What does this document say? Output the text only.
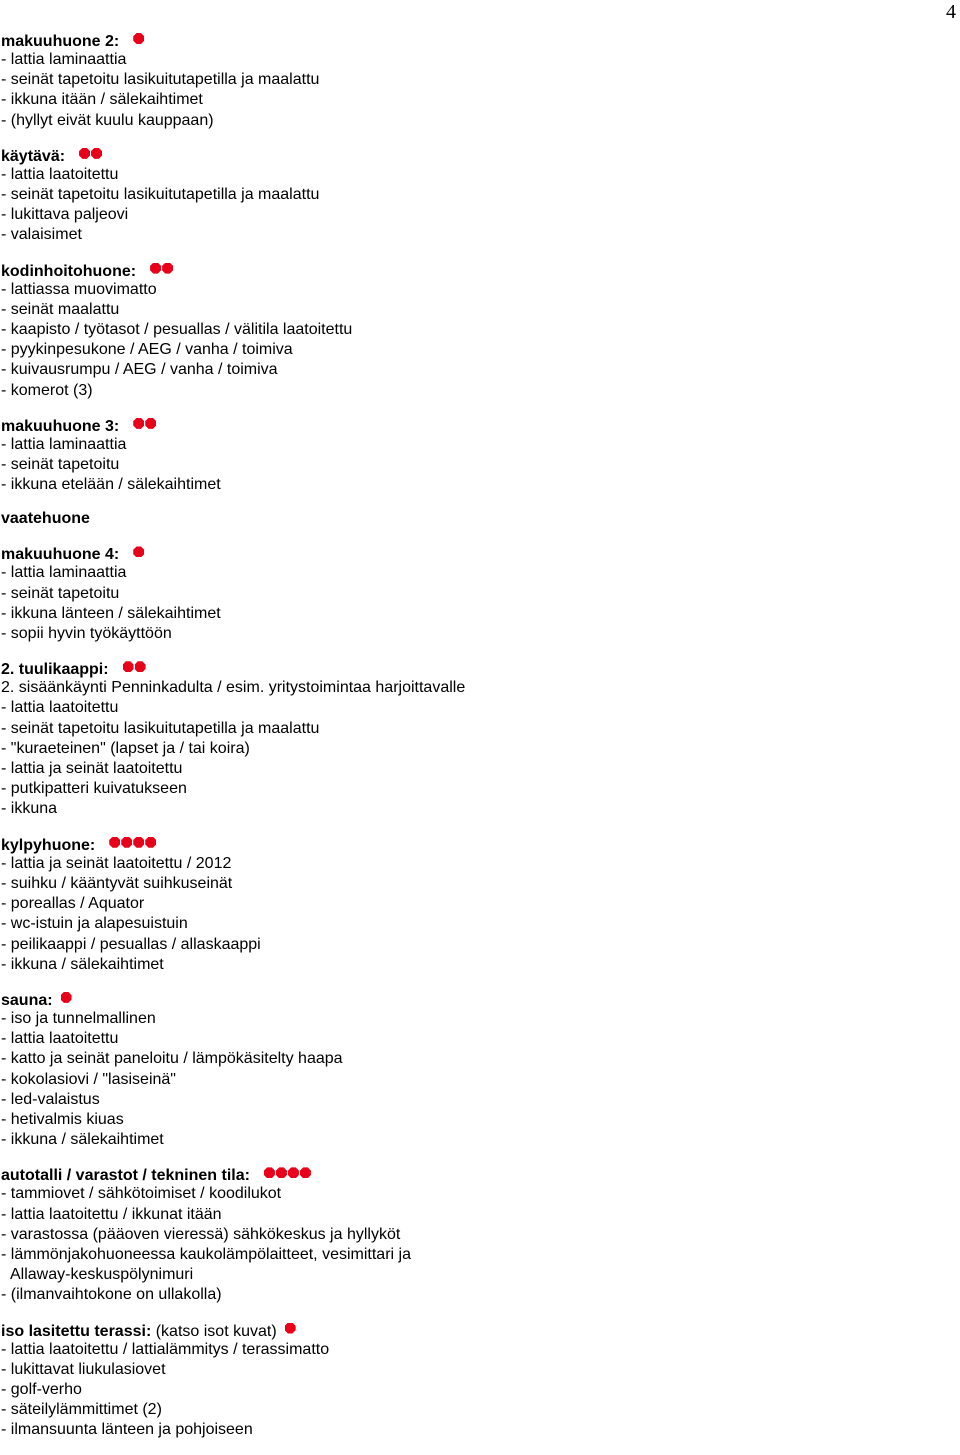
4
makuuhuone 2:
- lattia laminaattia
- seinät tapetoitu lasikuitutapetilla ja maalattu
- ikkuna itään / sälekaihtimet
- (hyllyt eivät kuulu kauppaan)
käytävä:
- lattia laatoitettu
- seinät tapetoitu lasikuitutapetilla ja maalattu
- lukittava paljeovi
- valaisimet
kodinhoitohuone:
- lattiassa muovimatto
- seinät maalattu
- kaapisto / työtasot / pesuallas / välitila laatoitettu
- pyykinpesukone / AEG / vanha / toimiva
- kuivausrumpu / AEG / vanha / toimiva
- komerot (3)
makuuhuone 3:
- lattia laminaattia
- seinät tapetoitu
- ikkuna etelään / sälekaihtimet
vaatehuone
makuuhuone 4:
- lattia laminaattia
- seinät tapetoitu
- ikkuna länteen / sälekaihtimet
- sopii hyvin työkäyttöön
2. tuulikaappi:
2. sisäänkäynti Penninkadulta / esim. yritystoimintaa harjoittavalle
- lattia laatoitettu
- seinät tapetoitu lasikuitutapetilla ja maalattu
- "kuraeteinen" (lapset ja / tai koira)
- lattia ja seinät laatoitettu
- putkipatteri kuivatukseen
- ikkuna
kylpyhuone:
- lattia ja seinät laatoitettu / 2012
- suihku / kääntyvät suihkuseinät
- poreallas / Aquator
- wc-istuin ja alapesuistuin
- peilikaappi / pesuallas / allaskaappi
- ikkuna / sälekaihtimet
sauna:
- iso ja tunnelmallinen
- lattia laatoitettu
- katto ja seinät paneloitu / lämpökäsitelty haapa
- kokolasiovi / "lasiseinä"
- led-valaistus
- hetivalmis kiuas
- ikkuna / sälekaihtimet
autotalli / varastot / tekninen tila:
- tammiovet / sähkötoimiset / koodilukot
- lattia laatoitettu / ikkunat itään
- varastossa (pääoven vieressä) sähkökeskus ja hyllyköt
- lämmönjakohuoneessa kaukolämpölaitteet, vesimittari ja
Allaway-keskuspölynimuri
- (ilmanvaihtokone on ullakolla)
iso lasitettu terassi: (katso isot kuvat)
- lattia laatoitettu / lattialämmitys / terassimatto
- lukittavat liukulasiovet
- golf-verho
- säteilylämmittimet (2)
- ilmansuunta länteen ja pohjoiseen
